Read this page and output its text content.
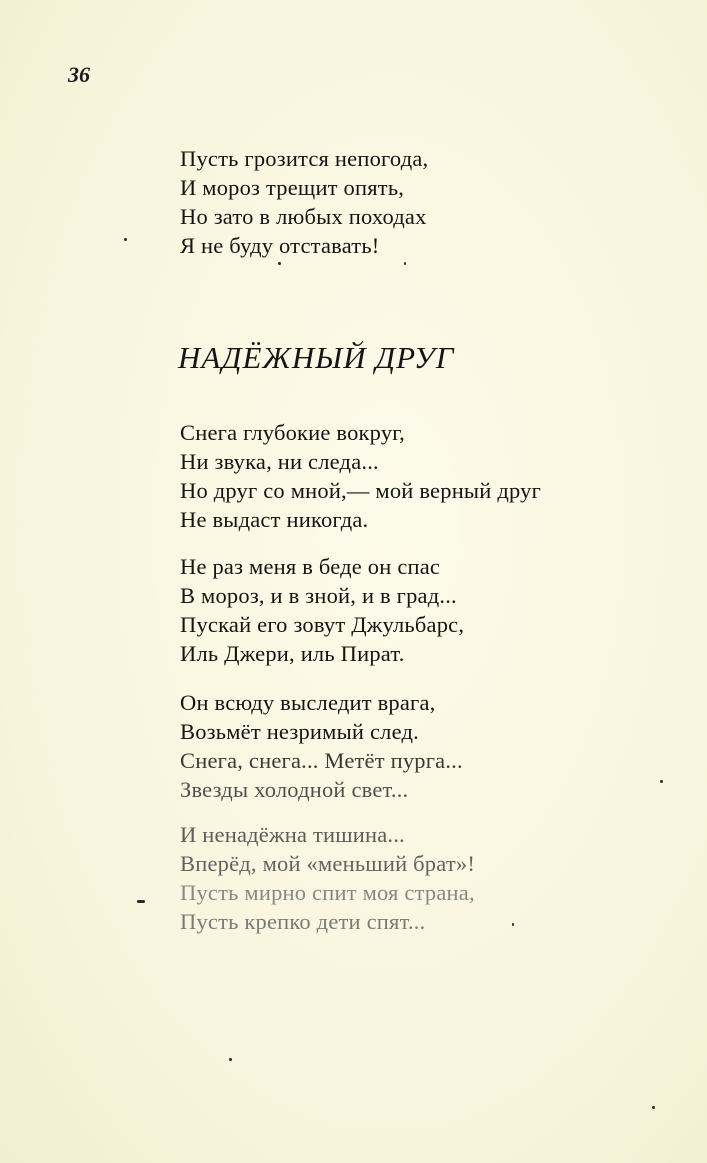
36
Пусть грозится непогода,
И мороз трещит опять,
Но зато в любых походах
Я не буду отставать!
НАДЁЖНЫЙ ДРУГ
Снега глубокие вокруг,
Ни звука, ни следа...
Но друг со мной,— мой верный друг
Не выдаст никогда.
Не раз меня в беде он спас
В мороз, и в зной, и в град...
Пускай его зовут Джульбарс,
Иль Джери, иль Пират.
Он всюду выследит врага,
Возьмёт незримый след.
Снега, снега... Метёт пурга...
Звезды холодной свет...
И ненадёжна тишина...
Вперёд, мой «меньший брат»!
Пусть мирно спит моя страна,
Пусть крепко дети спят...
